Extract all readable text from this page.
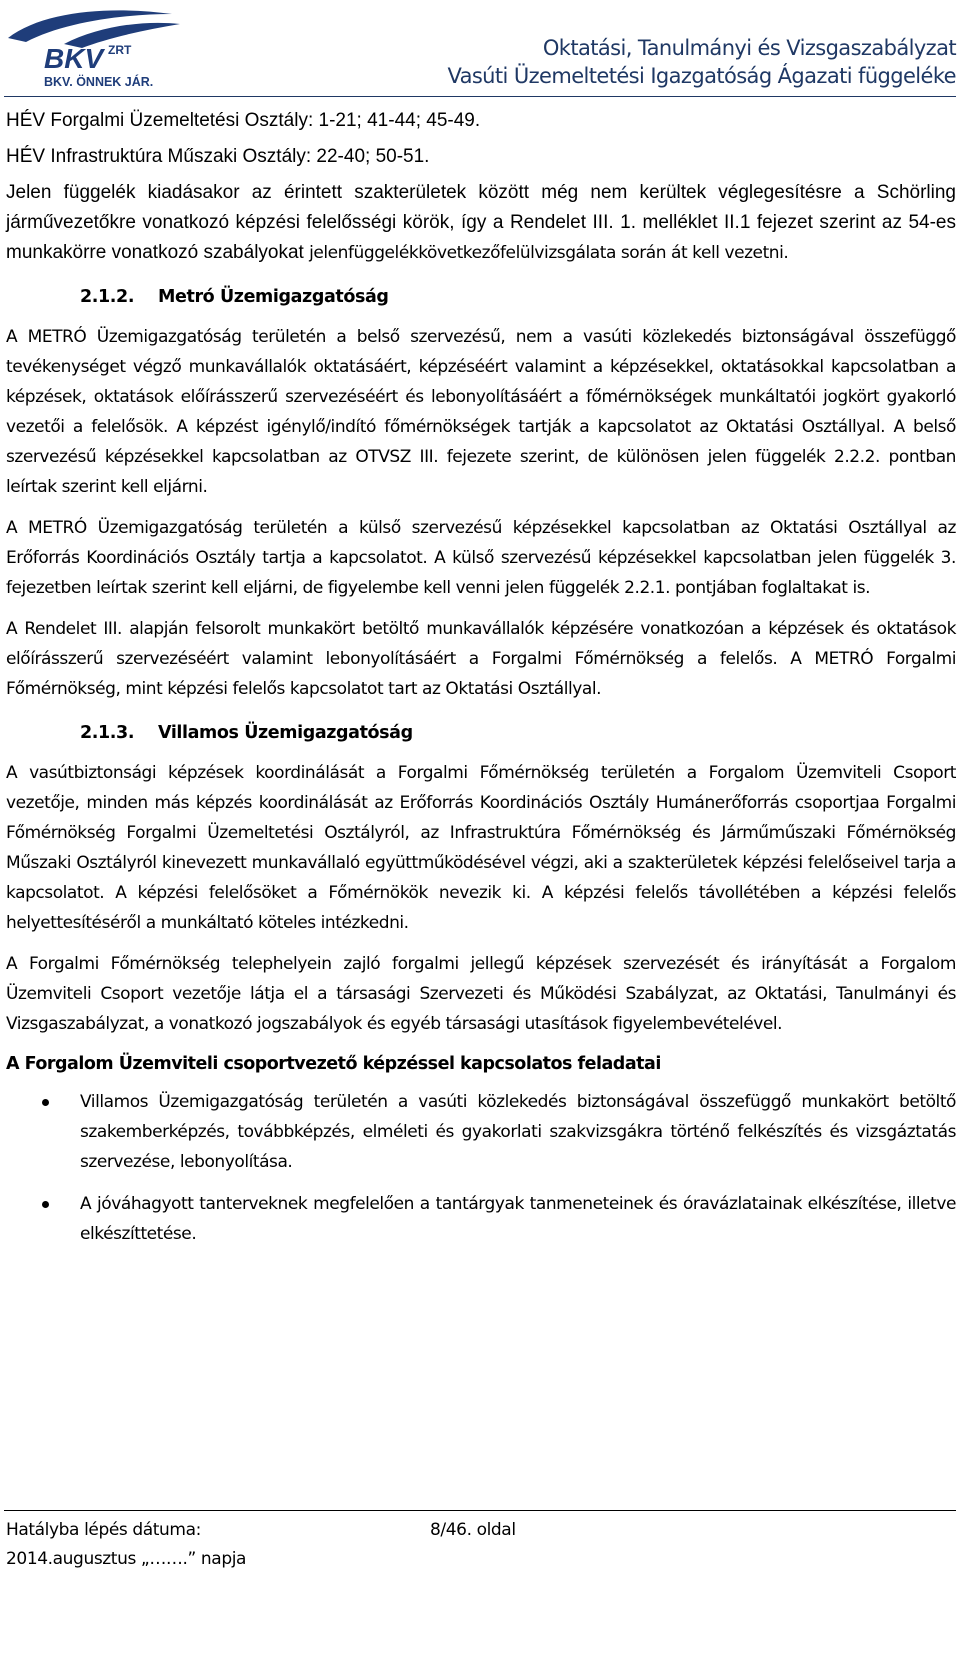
BKV ZRT
BKV. ÖNNEK JÁR.
Oktatási, Tanulmányi és Vizsgaszabályzat
Vasúti Üzemeltetési Igazgatóság Ágazati függeléke

HÉV Forgalmi Üzemeltetési Osztály: 1-21; 41-44; 45-49.

HÉV Infrastruktúra Műszaki Osztály: 22-40; 50-51.

Jelen függelék kiadásakor az érintett szakterületek között még nem kerültek véglegesítésre a Schörling járművezetőkre vonatkozó képzési felelősségi körök, így a Rendelet III. 1. melléklet II.1 fejezet szerint az 54-es munkakörre vonatkozó szabályokat jelenfüggelékkövetkezőfelülvizsgálata során át kell vezetni.

2.1.2. Metró Üzemigazgatóság

A METRÓ Üzemigazgatóság területén a belső szervezésű, nem a vasúti közlekedés biztonságával összefüggő tevékenységet végző munkavállalók oktatásáért, képzéséért valamint a képzésekkel, oktatásokkal kapcsolatban a képzések, oktatások előírásszerű szervezéséért és lebonyolításáért a főmérnökségek munkáltatói jogkört gyakorló vezetői a felelősök. A képzést igénylő/indító főmérnökségek tartják a kapcsolatot az Oktatási Osztállyal. A belső szervezésű képzésekkel kapcsolatban az OTVSZ III. fejezete szerint, de különösen jelen függelék 2.2.2. pontban leírtak szerint kell eljárni.

A METRÓ Üzemigazgatóság területén a külső szervezésű képzésekkel kapcsolatban az Oktatási Osztállyal az Erőforrás Koordinációs Osztály tartja a kapcsolatot. A külső szervezésű képzésekkel kapcsolatban jelen függelék 3. fejezetben leírtak szerint kell eljárni, de figyelembe kell venni jelen függelék 2.2.1. pontjában foglaltakat is.

A Rendelet III. alapján felsorolt munkakört betöltő munkavállalók képzésére vonatkozóan a képzések és oktatások előírásszerű szervezéséért valamint lebonyolításáért a Forgalmi Főmérnökség a felelős. A METRÓ Forgalmi Főmérnökség, mint képzési felelős kapcsolatot tart az Oktatási Osztállyal.

2.1.3. Villamos Üzemigazgatóság

A vasútbiztonsági képzések koordinálását a Forgalmi Főmérnökség területén a Forgalom Üzemviteli Csoport vezetője, minden más képzés koordinálását az Erőforrás Koordinációs Osztály Humánerőforrás csoportjaa Forgalmi Főmérnökség Forgalmi Üzemeltetési Osztályról, az Infrastruktúra Főmérnökség és Járműműszaki Főmérnökség Műszaki Osztályról kinevezett munkavállaló együttműködésével végzi, aki a szakterületek képzési felelőseivel tarja a kapcsolatot. A képzési felelősöket a Főmérnökök nevezik ki. A képzési felelős távollétében a képzési felelős helyettesítéséről a munkáltató köteles intézkedni.

A Forgalmi Főmérnökség telephelyein zajló forgalmi jellegű képzések szervezését és irányítását a Forgalom Üzemviteli Csoport vezetője látja el a társasági Szervezeti és Működési Szabályzat, az Oktatási, Tanulmányi és Vizsgaszabályzat, a vonatkozó jogszabályok és egyéb társasági utasítások figyelembevételével.

A Forgalom Üzemviteli csoportvezető képzéssel kapcsolatos feladatai
Villamos Üzemigazgatóság területén a vasúti közlekedés biztonságával összefüggő munkakört betöltő szakemberképzés, továbbképzés, elméleti és gyakorlati szakvizsgákra történő felkészítés és vizsgáztatás szervezése, lebonyolítása.
A jóváhagyott tanterveknek megfelelően a tantárgyak tanmeneteinek és óravázlatainak elkészítése, illetve elkészíttetése.
Hatályba lépés dátuma:
2014.augusztus „…….” napja
8/46. oldal
